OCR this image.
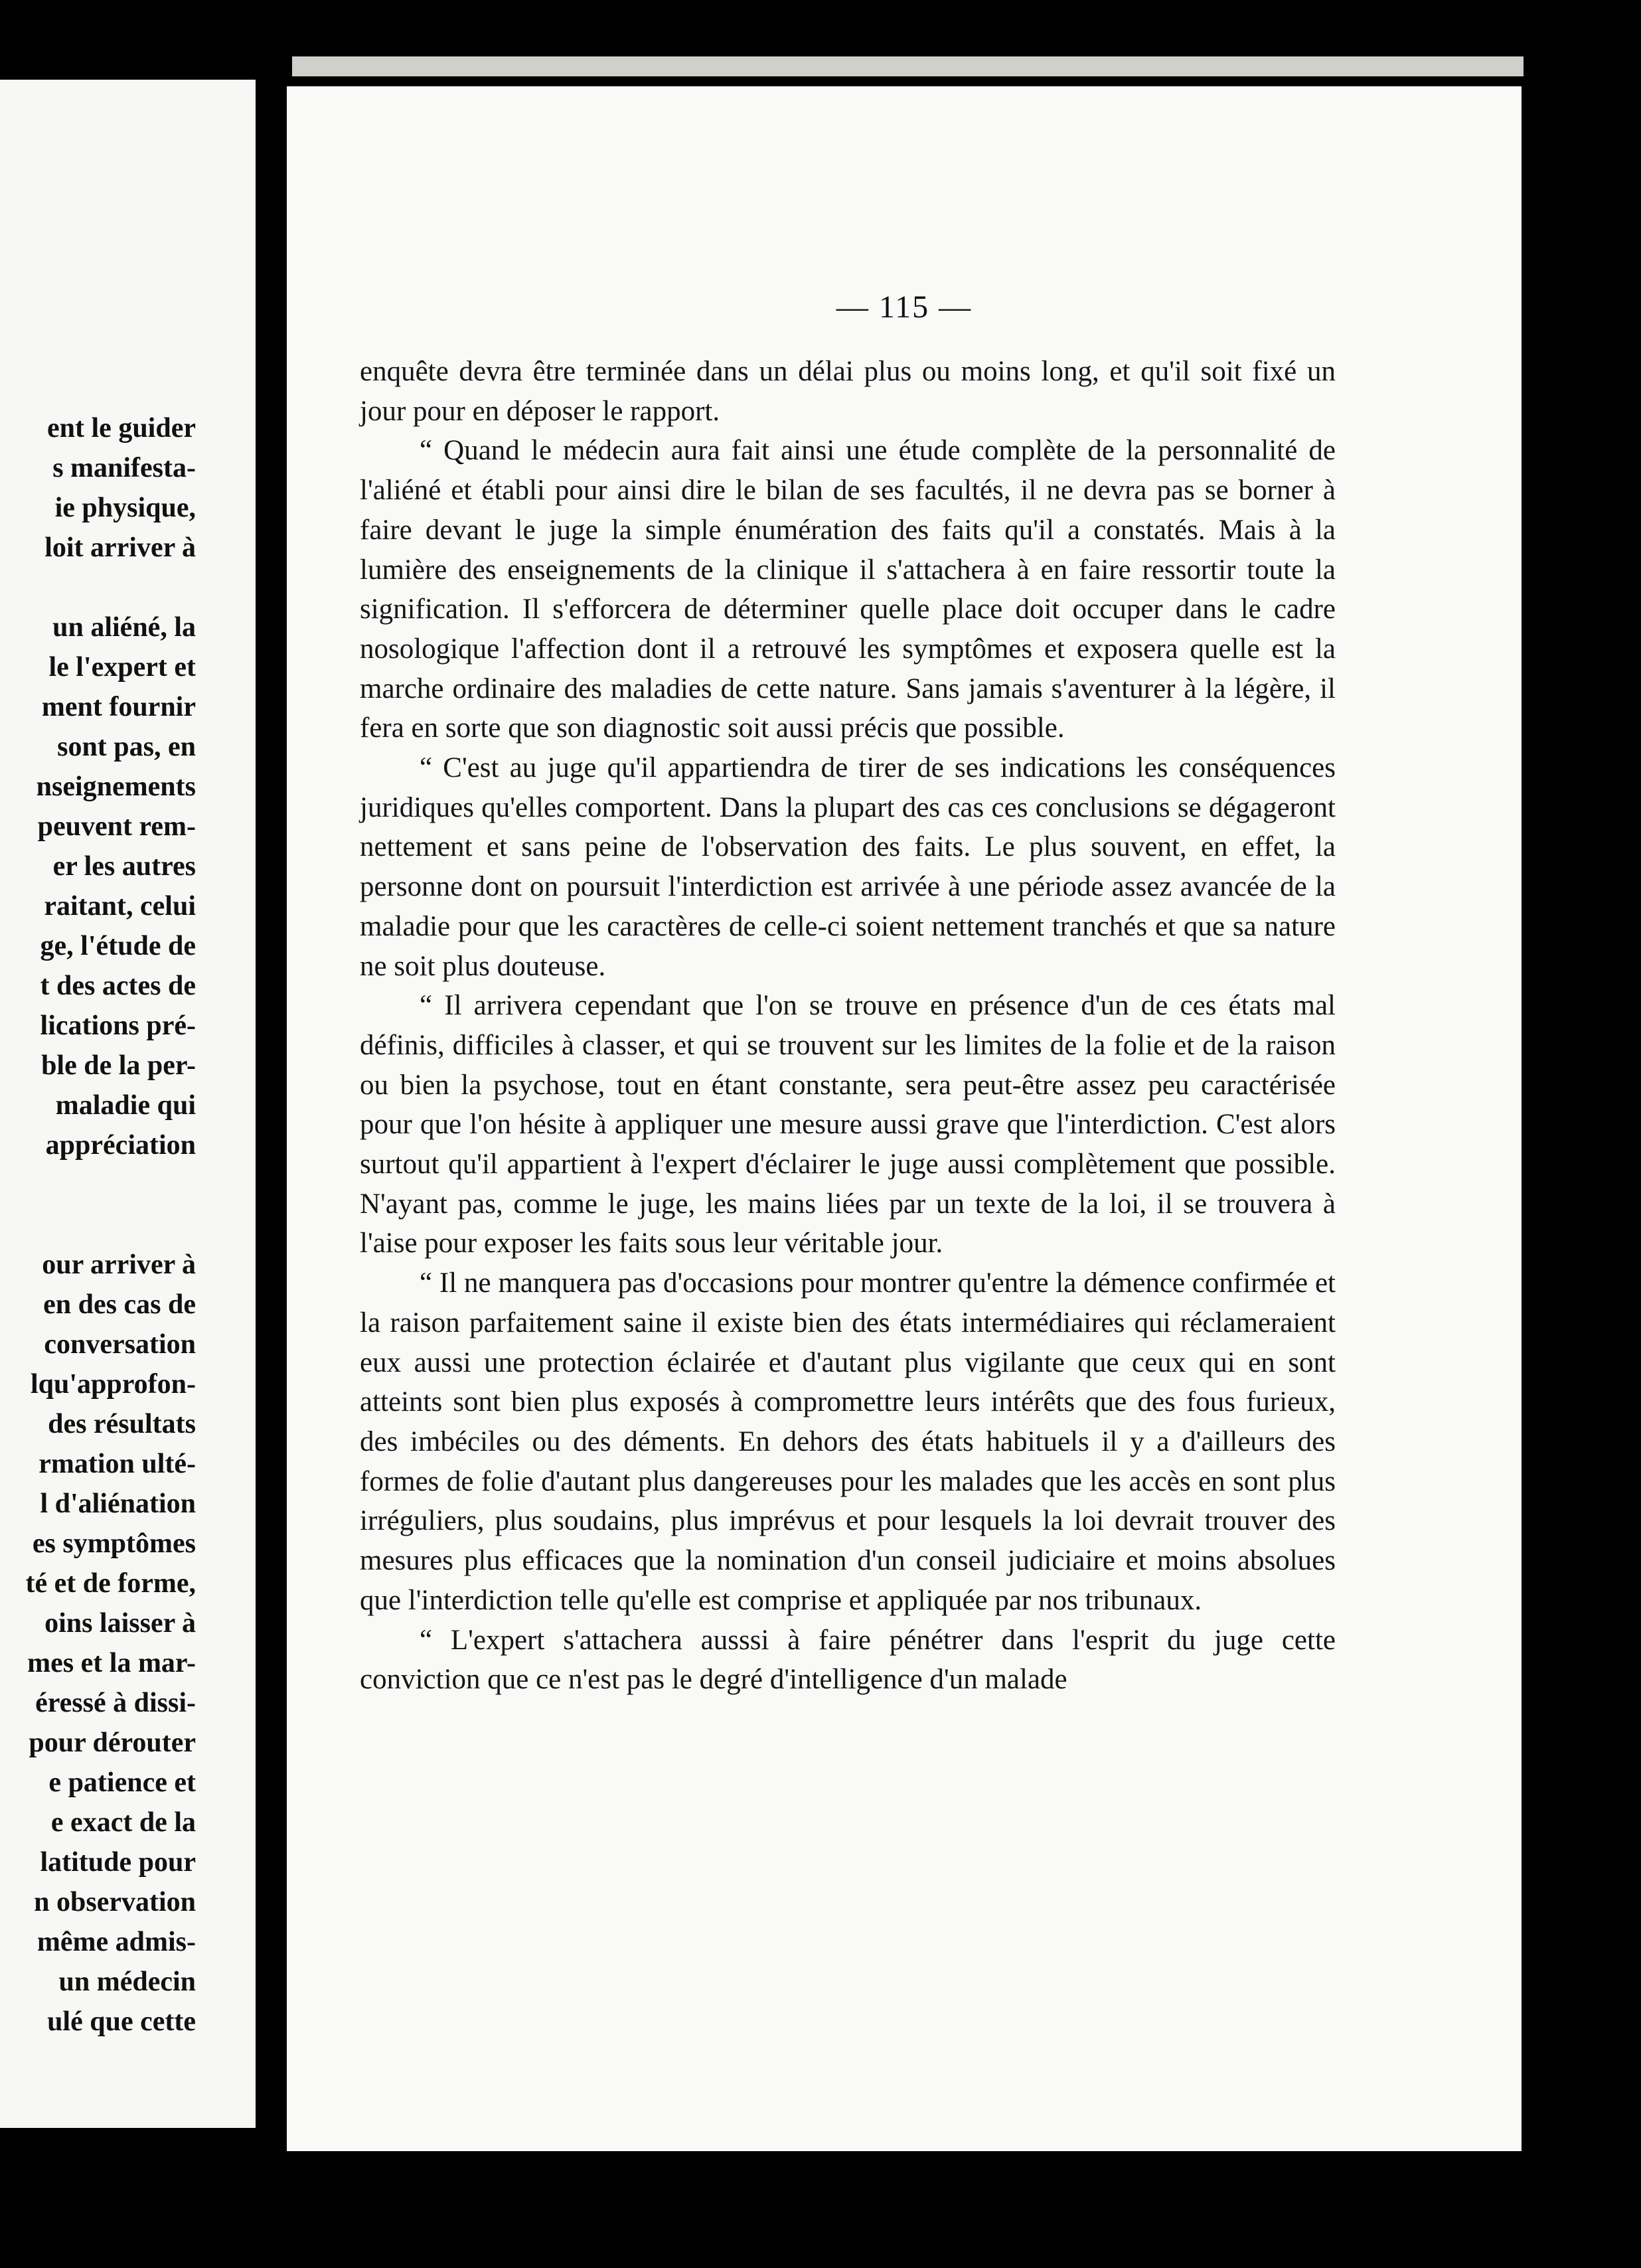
ent le guider
s manifesta-
ie physique,
loit arriver à
un aliéné, la
le l'expert et
ment fournir
sont pas, en
nseignements
peuvent rem-
er les autres
raitant, celui
ge, l'étude de
t des actes de
lications pré-
ble de la per-
maladie qui
appréciation
our arriver à
en des cas de
conversation
lqu'approfon-
des résultats
rmation ulté-
l d'aliénation
es symptômes
té et de forme,
oins laisser à
mes et la mar-
éressé à dissi-
pour dérouter
e patience et
e exact de la
latitude pour
n observation
même admis-
un médecin
ulé que cette
— 115 —

enquête devra être terminée dans un délai plus ou moins long, et qu'il soit fixé un jour pour en déposer le rapport.

“ Quand le médecin aura fait ainsi une étude complète de la personnalité de l'aliéné et établi pour ainsi dire le bilan de ses facultés, il ne devra pas se borner à faire devant le juge la simple énumération des faits qu'il a constatés. Mais à la lumière des enseignements de la clinique il s'attachera à en faire ressortir toute la signification. Il s'efforcera de déterminer quelle place doit occuper dans le cadre nosologique l'affection dont il a retrouvé les symptômes et exposera quelle est la marche ordinaire des maladies de cette nature. Sans jamais s'aventurer à la légère, il fera en sorte que son diagnostic soit aussi précis que possible.

“ C'est au juge qu'il appartiendra de tirer de ses indications les conséquences juridiques qu'elles comportent. Dans la plupart des cas ces conclusions se dégageront nettement et sans peine de l'observation des faits. Le plus souvent, en effet, la personne dont on poursuit l'interdiction est arrivée à une période assez avancée de la maladie pour que les caractères de celle-ci soient nettement tranchés et que sa nature ne soit plus douteuse.

“ Il arrivera cependant que l'on se trouve en présence d'un de ces états mal définis, difficiles à classer, et qui se trouvent sur les limites de la folie et de la raison ou bien la psychose, tout en étant constante, sera peut-être assez peu caractérisée pour que l'on hésite à appliquer une mesure aussi grave que l'interdiction. C'est alors surtout qu'il appartient à l'expert d'éclairer le juge aussi complètement que possible. N'ayant pas, comme le juge, les mains liées par un texte de la loi, il se trouvera à l'aise pour exposer les faits sous leur véritable jour.

“ Il ne manquera pas d'occasions pour montrer qu'entre la démence confirmée et la raison parfaitement saine il existe bien des états intermédiaires qui réclameraient eux aussi une protection éclairée et d'autant plus vigilante que ceux qui en sont atteints sont bien plus exposés à compromettre leurs intérêts que des fous furieux, des imbéciles ou des déments. En dehors des états habituels il y a d'ailleurs des formes de folie d'autant plus dangereuses pour les malades que les accès en sont plus irréguliers, plus soudains, plus imprévus et pour lesquels la loi devrait trouver des mesures plus efficaces que la nomination d'un conseil judiciaire et moins absolues que l'interdiction telle qu'elle est comprise et appliquée par nos tribunaux.

“ L'expert s'attachera ausssi à faire pénétrer dans l'esprit du juge cette conviction que ce n'est pas le degré d'intelligence d'un malade
